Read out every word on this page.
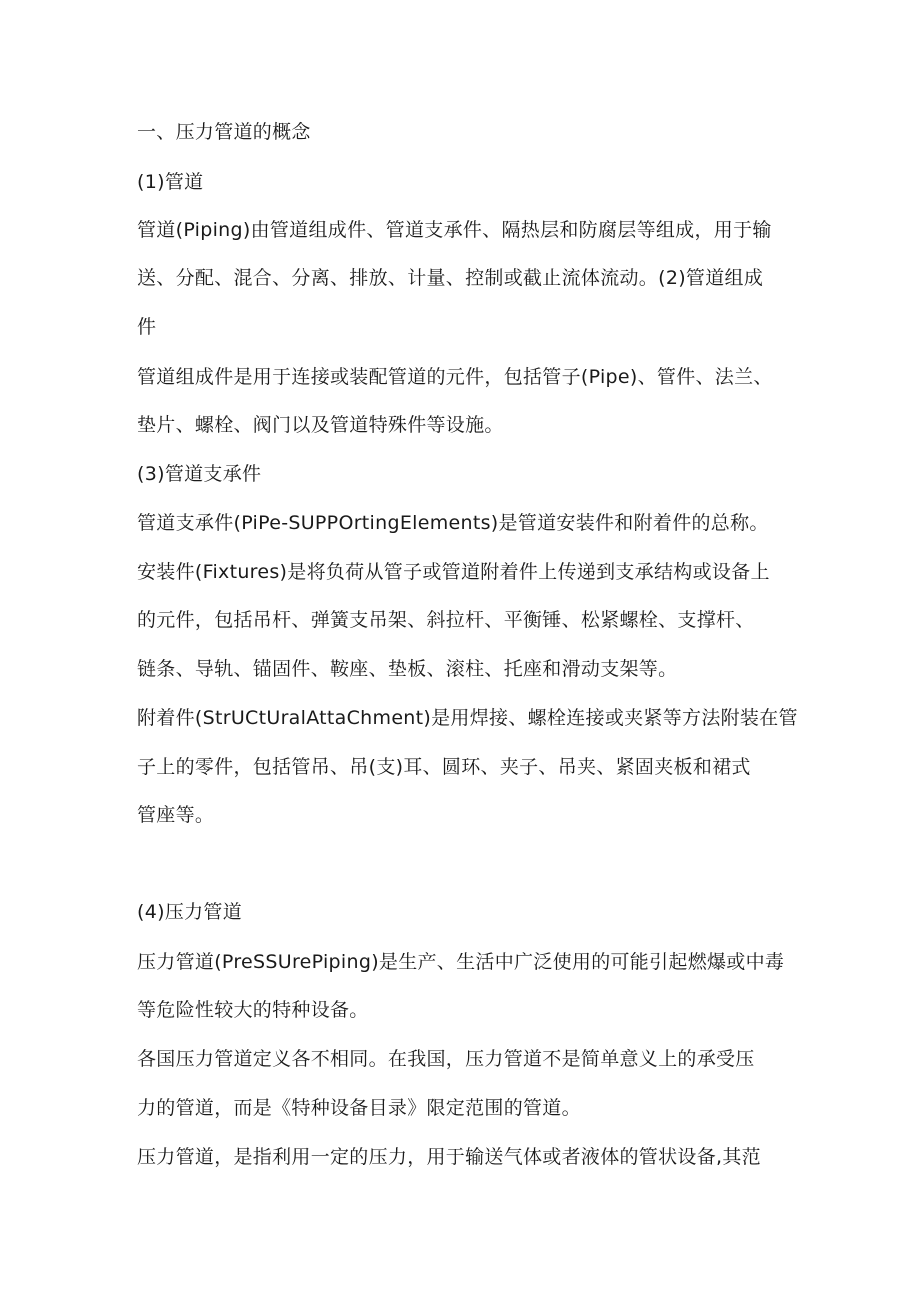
一、压力管道的概念
(1)管道
管道(Piping)由管道组成件、管道支承件、隔热层和防腐层等组成，用于输
送、分配、混合、分离、排放、计量、控制或截止流体流动。(2)管道组成
件
管道组成件是用于连接或装配管道的元件，包括管子(Pipe)、管件、法兰、
垫片、螺栓、阀门以及管道特殊件等设施。
(3)管道支承件
管道支承件(PiPe-SUPPOrtingElements)是管道安装件和附着件的总称。
安装件(Fixtures)是将负荷从管子或管道附着件上传递到支承结构或设备上
的元件，包括吊杆、弹簧支吊架、斜拉杆、平衡锤、松紧螺栓、支撑杆、
链条、导轨、锚固件、鞍座、垫板、滚柱、托座和滑动支架等。
附着件(StrUCtUralAttaChment)是用焊接、螺栓连接或夹紧等方法附装在管
子上的零件，包括管吊、吊(支)耳、圆环、夹子、吊夹、紧固夹板和裙式
管座等。
(4)压力管道
压力管道(PreSSUrePiping)是生产、生活中广泛使用的可能引起燃爆或中毒
等危险性较大的特种设备。
各国压力管道定义各不相同。在我国，压力管道不是简单意义上的承受压
力的管道，而是《特种设备目录》限定范围的管道。
压力管道，是指利用一定的压力，用于输送气体或者液体的管状设备,其范
